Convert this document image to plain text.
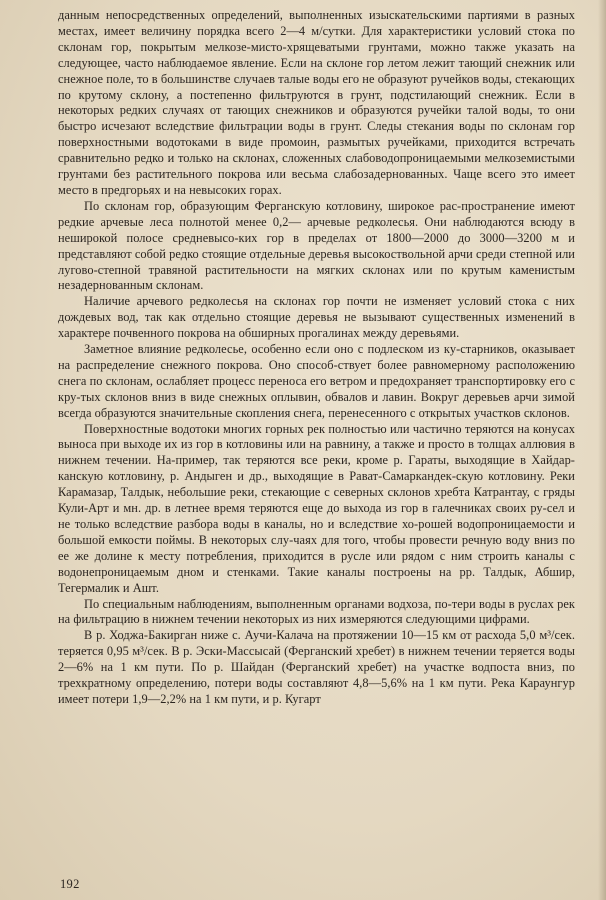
данным непосредственных определений, выполненных изыскательскими партиями в разных местах, имеет величину порядка всего 2—4 м/сутки. Для характеристики условий стока по склонам гор, покрытым мелкозе-мисто-хрящеватыми грунтами, можно также указать на следующее, часто наблюдаемое явление. Если на склоне гор летом лежит тающий снежник или снежное поле, то в большинстве случаев талые воды его не образуют ручейков воды, стекающих по крутому склону, а постепенно фильтруются в грунт, подстилающий снежник. Если в некоторых редких случаях от тающих снежников и образуются ручейки талой воды, то они быстро исчезают вследствие фильтрации воды в грунт. Следы стекания воды по склонам гор поверхностными водотоками в виде промоин, размытых ручейками, приходится встречать сравнительно редко и только на склонах, сложенных слабоводопроницаемыми мелкоземистыми грунтами без растительного покрова или весьма слабозадернованных. Чаще всего это имеет место в предгорьях и на невысоких горах.

По склонам гор, образующим Ферганскую котловину, широкое рас-пространение имеют редкие арчевые леса полнотой менее 0,2— арчевые редколесья. Они наблюдаются всюду в неширокой полосе средневысо-ких гор в пределах от 1800—2000 до 3000—3200 м и представляют собой редко стоящие отдельные деревья высокоствольной арчи среди степной или лугово-степной травяной растительности на мягких склонах или по крутым каменистым незадернованным склонам.

Наличие арчевого редколесья на склонах гор почти не изменяет условий стока с них дождевых вод, так как отдельно стоящие деревья не вызывают существенных изменений в характере почвенного покрова на обширных прогалинах между деревьями.

Заметное влияние редколесье, особенно если оно с подлеском из ку-старников, оказывает на распределение снежного покрова. Оно способ-ствует более равномерному расположению снега по склонам, ослабляет процесс переноса его ветром и предохраняет транспортировку его с кру-тых склонов вниз в виде снежных оплывин, обвалов и лавин. Вокруг деревьев арчи зимой всегда образуются значительные скопления снега, перенесенного с открытых участков склонов.

Поверхностные водотоки многих горных рек полностью или частично теряются на конусах выноса при выходе их из гор в котловины или на равнину, а также и просто в толщах аллювия в нижнем течении. На-пример, так теряются все реки, кроме р. Гараты, выходящие в Хайдар-канскую котловину, р. Андыген и др., выходящие в Рават-Самаркандек-скую котловину. Реки Карамазар, Талдык, небольшие реки, стекающие с северных склонов хребта Катрантау, с гряды Кули-Арт и мн. др. в летнее время теряются еще до выхода из гор в галечниках своих ру-сел и не только вследствие разбора воды в каналы, но и вследствие хо-рошей водопроницаемости и большой емкости поймы. В некоторых слу-чаях для того, чтобы провести речную воду вниз по ее же долине к месту потребления, приходится в русле или рядом с ним строить каналы с водонепроницаемым дном и стенками. Такие каналы построены на рр. Талдык, Абшир, Тегермалик и Ашт.

По специальным наблюдениям, выполненным органами водхоза, по-тери воды в руслах рек на фильтрацию в нижнем течении некоторых из них измеряются следующими цифрами.

В р. Ходжа-Бакирган ниже с. Аучи-Калача на протяжении 10—15 км от расхода 5,0 м³/сек. теряется 0,95 м³/сек. В р. Эски-Массысай (Ферганский хребет) в нижнем течении теряется воды 2—6% на 1 км пути. По р. Шайдан (Ферганский хребет) на участке водпоста вниз, по трехкратному определению, потери воды составляют 4,8—5,6% на 1 км пути. Река Караунгур имеет потери 1,9—2,2% на 1 км пути, и р. Кугарт

192
